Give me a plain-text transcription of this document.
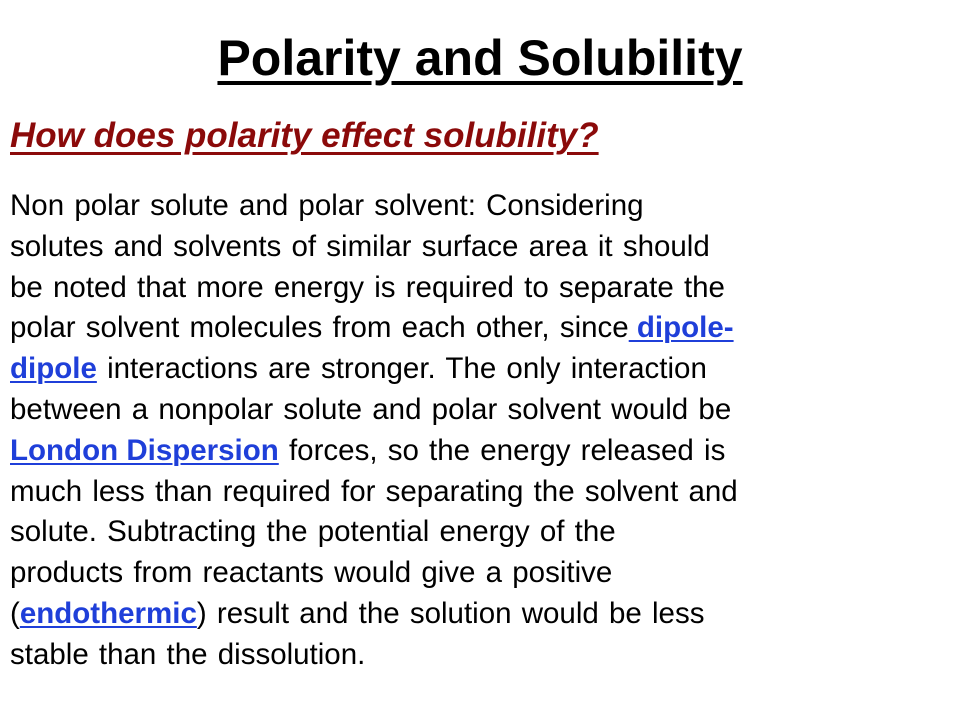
Polarity and Solubility
How does polarity effect solubility?
Non polar solute and polar solvent: Considering
solutes and solvents of similar surface area it should
be noted that more energy is required to separate the
polar solvent molecules from each other, since dipole-
dipole interactions are stronger. The only interaction
between a nonpolar solute and polar solvent would be
London Dispersion forces, so the energy released is
much less than required for separating the solvent and
solute. Subtracting the potential energy of the
products from reactants would give a positive
(endothermic) result and the solution would be less
stable than the dissolution.
